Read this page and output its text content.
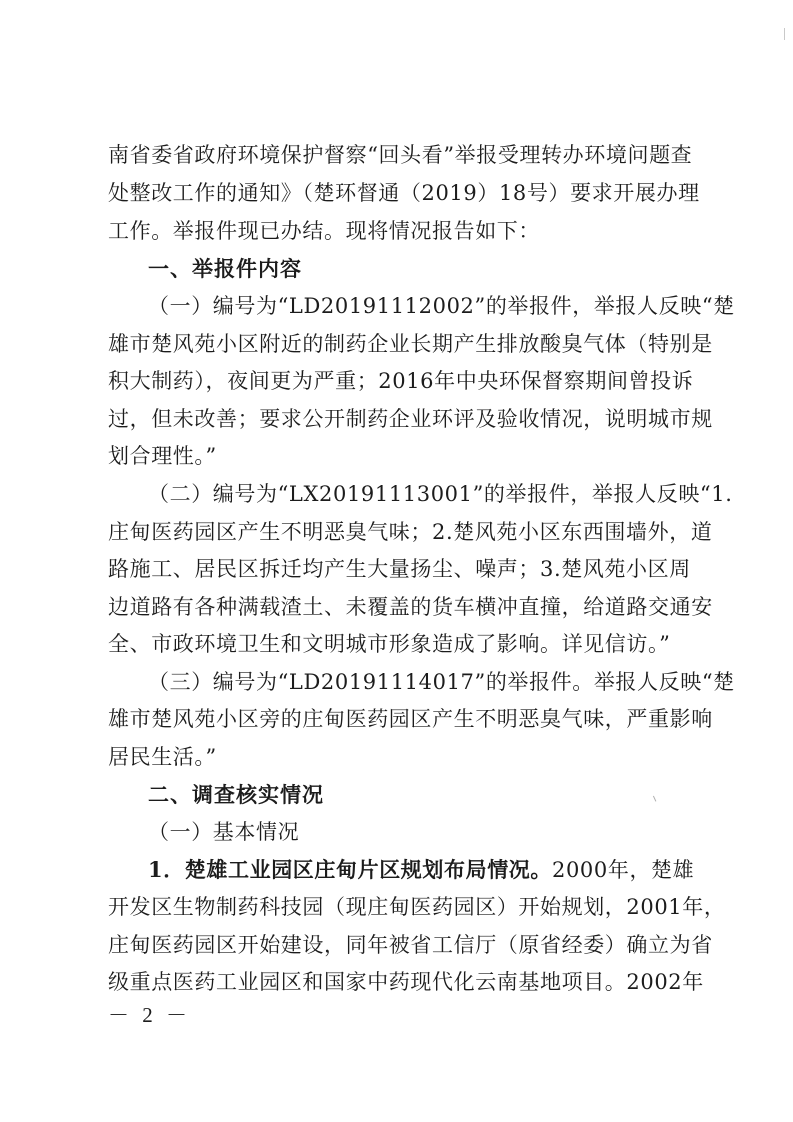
南省委省政府环境保护督察“回头看”举报受理转办环境问题查
处整改工作的通知》（楚环督通（2019）18号）要求开展办理
工作。举报件现已办结。现将情况报告如下：
一、举报件内容
（一）编号为“LD20191112002”的举报件，举报人反映“楚
雄市楚风苑小区附近的制药企业长期产生排放酸臭气体（特别是
积大制药），夜间更为严重；2016年中央环保督察期间曾投诉
过，但未改善；要求公开制药企业环评及验收情况，说明城市规
划合理性。”
（二）编号为“LX20191113001”的举报件，举报人反映“1.
庄甸医药园区产生不明恶臭气味；2.楚风苑小区东西围墙外，道
路施工、居民区拆迁均产生大量扬尘、噪声；3.楚风苑小区周
边道路有各种满载渣土、未覆盖的货车横冲直撞，给道路交通安
全、市政环境卫生和文明城市形象造成了影响。详见信访。”
（三）编号为“LD20191114017”的举报件。举报人反映“楚
雄市楚风苑小区旁的庄甸医药园区产生不明恶臭气味，严重影响
居民生活。”
二、调查核实情况
（一）基本情况
1．楚雄工业园区庄甸片区规划布局情况。2000年，楚雄
开发区生物制药科技园（现庄甸医药园区）开始规划，2001年，
庄甸医药园区开始建设，同年被省工信厅（原省经委）确立为省
级重点医药工业园区和国家中药现代化云南基地项目。2002年
－ 2 －
